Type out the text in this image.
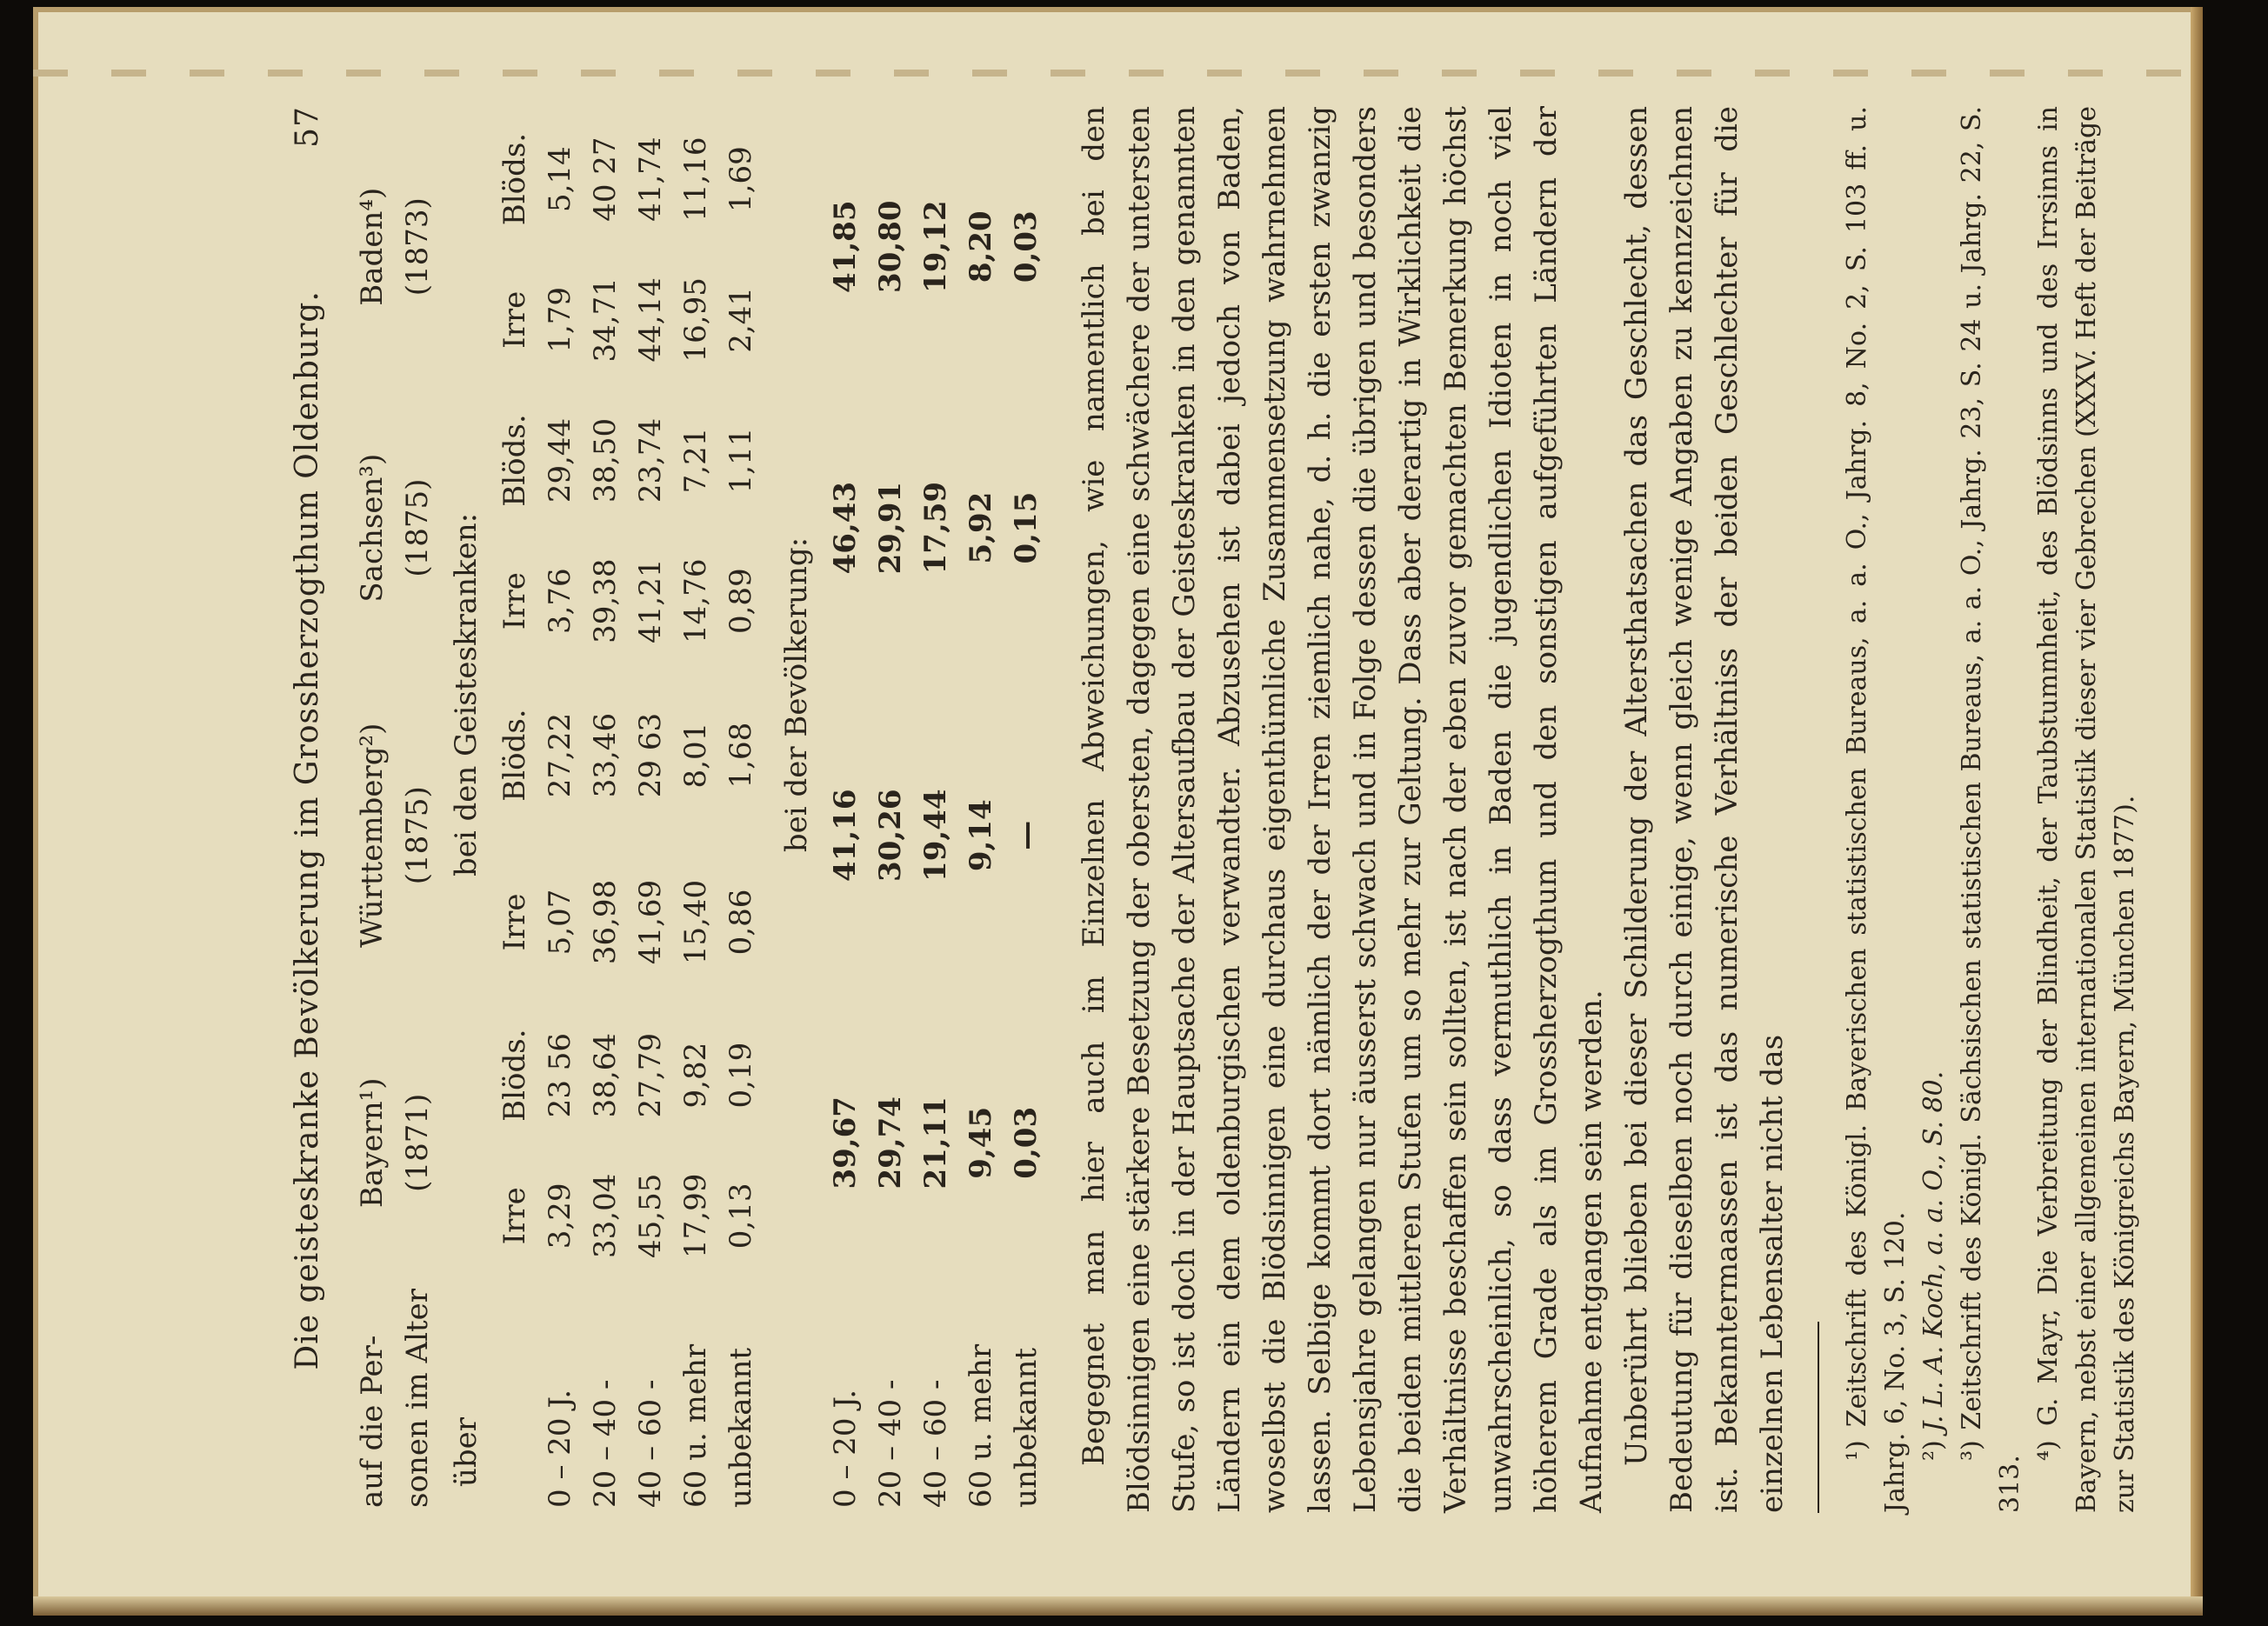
Die geisteskranke Bevölkerung im Grossherzogthum Oldenburg.
57
auf die Per-	Bayern¹)		Württemberg²)		Sachsen³)		Baden⁴)	
sonen im Alter	(1871)		(1875)		(1875)		(1873)	
über	bei den Geisteskranken:							
	Irre	Blöds.	Irre	Blöds.	Irre	Blöds.	Irre	Blöds.
0 – 20 J.	3,29	23 56	5,07	27,22	3,76	29,44	1,79	5,14
20 – 40 -	33,04	38,64	36,98	33,46	39,38	38,50	34,71	40 27
40 – 60 -	45,55	27,79	41,69	29 63	41,21	23,74	44,14	41,74
60 u. mehr	17,99	9,82	15,40	8,01	14,76	7,21	16,95	11,16
unbekannt	0,13	0,19	0,86	1,68	0,89	1,11	2,41	1,69
	bei der Bevölkerung:							
0 – 20 J.	39,67		41,16		46,43		41,85	
20 – 40 -	29,74		30,26		29,91		30,80	
40 – 60 -	21,11		19,44		17,59		19,12	
60 u. mehr	9,45		9,14		5,92		8,20	
unbekannt	0,03		—		0,15		0,03	Begegnet man hier auch im Einzelnen Abweichungen, wie namentlich bei den Blödsinnigen eine stärkere Besetzung der obersten, dagegen eine schwächere der untersten Stufe, so ist doch in der Hauptsache der Altersaufbau der Geisteskranken in den genannten Ländern ein dem oldenburgischen verwandter. Abzusehen ist dabei jedoch von Baden, woselbst die Blödsinnigen eine durchaus eigenthümliche Zusammensetzung wahrnehmen lassen. Selbige kommt dort nämlich der der Irren ziemlich nahe, d. h. die ersten zwanzig Lebensjahre gelangen nur äusserst schwach und in Folge dessen die übrigen und besonders die beiden mittleren Stufen um so mehr zur Geltung. Dass aber derartig in Wirklichkeit die Verhältnisse beschaffen sein sollten, ist nach der eben zuvor gemachten Bemerkung höchst unwahrscheinlich, so dass vermuthlich in Baden die jugendlichen Idioten in noch viel höherem Grade als im Grossherzogthum und den sonstigen aufgeführten Ländern der Aufnahme entgangen sein werden. Unberührt blieben bei dieser Schilderung der Altersthatsachen das Geschlecht, dessen Bedeutung für dieselben noch durch einige, wenn gleich wenige Angaben zu kennzeichnen ist. Bekanntermaassen ist das numerische Verhältniss der beiden Geschlechter für die einzelnen Lebensalter nicht das ¹) Zeitschrift des Königl. Bayerischen statistischen Bureaus, a. a. O., Jahrg. 8, No. 2, S. 103 ff. u. Jahrg. 6, No. 3, S. 120. ²) J. L. A. Koch, a. a. O., S. 80.

³) Zeitschrift des Königl. Sächsischen statistischen Bureaus, a. a. O., Jahrg. 23, S. 24 u. Jahrg. 22, S. 313.

⁴) G. Mayr, Die Verbreitung der Blindheit, der Taubstummheit, des Blödsinns und des Irrsinns in Bayern, nebst einer allgemeinen internationalen Statistik dieser vier Gebrechen (XXXV. Heft der Beiträge zur Statistik des Königreichs Bayern, München 1877).
